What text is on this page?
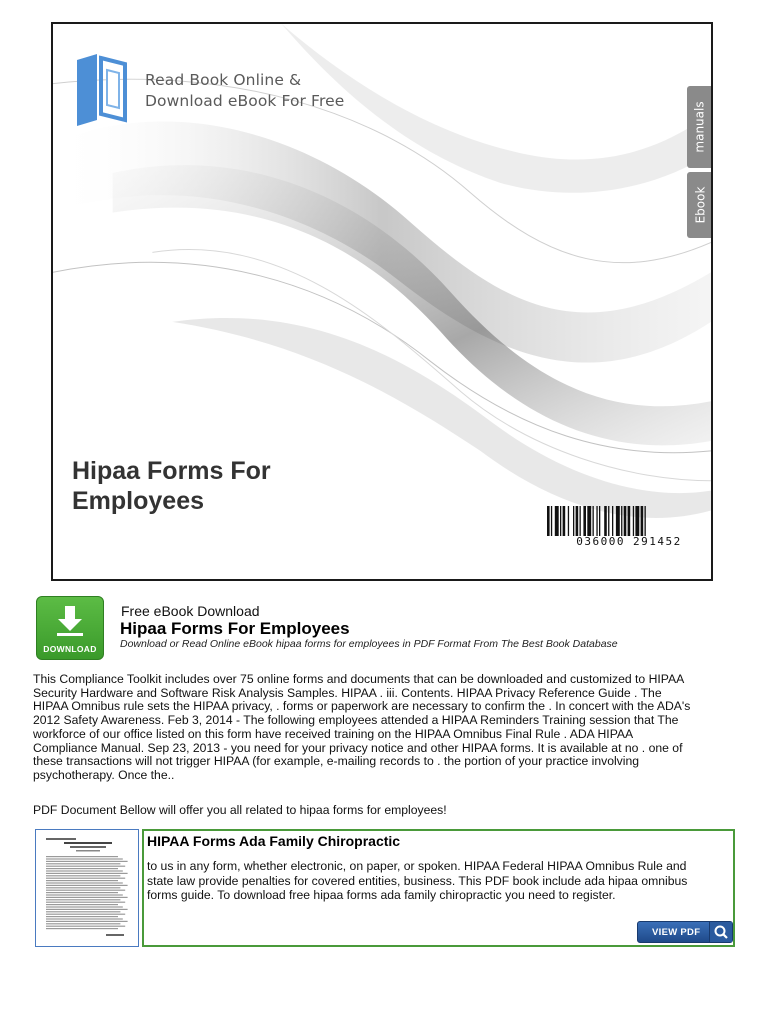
Read Book Online &
Download eBook For Free
manuals
Ebook
Hipaa Forms For
Employees
036000 291452
DOWNLOAD
Free eBook Download
Hipaa Forms For Employees
Download or Read Online eBook hipaa forms for employees in PDF Format From The Best Book Database
This Compliance Toolkit includes over 75 online forms and documents that can be downloaded and customized to HIPAA
Security Hardware and Software Risk Analysis Samples. HIPAA . iii. Contents. HIPAA Privacy Reference Guide . The
HIPAA Omnibus rule sets the HIPAA privacy, . forms or paperwork are necessary to confirm the . In concert with the ADA's
2012 Safety Awareness. Feb 3, 2014 - The following employees attended a HIPAA Reminders Training session that The
workforce of our office listed on this form have received training on the HIPAA Omnibus Final Rule . ADA HIPAA
Compliance Manual. Sep 23, 2013 - you need for your privacy notice and other HIPAA forms. It is available at no . one of
these transactions will not trigger HIPAA (for example, e-mailing records to . the portion of your practice involving
psychotherapy. Once the..
PDF Document Bellow will offer you all related to hipaa forms for employees!
HIPAA Forms Ada Family Chiropractic
to us in any form, whether electronic, on paper, or spoken. HIPAA Federal HIPAA Omnibus Rule and
state law provide penalties for covered entities, business. This PDF book include ada hipaa omnibus
forms guide. To download free hipaa forms ada family chiropractic you need to register.
VIEW PDF
